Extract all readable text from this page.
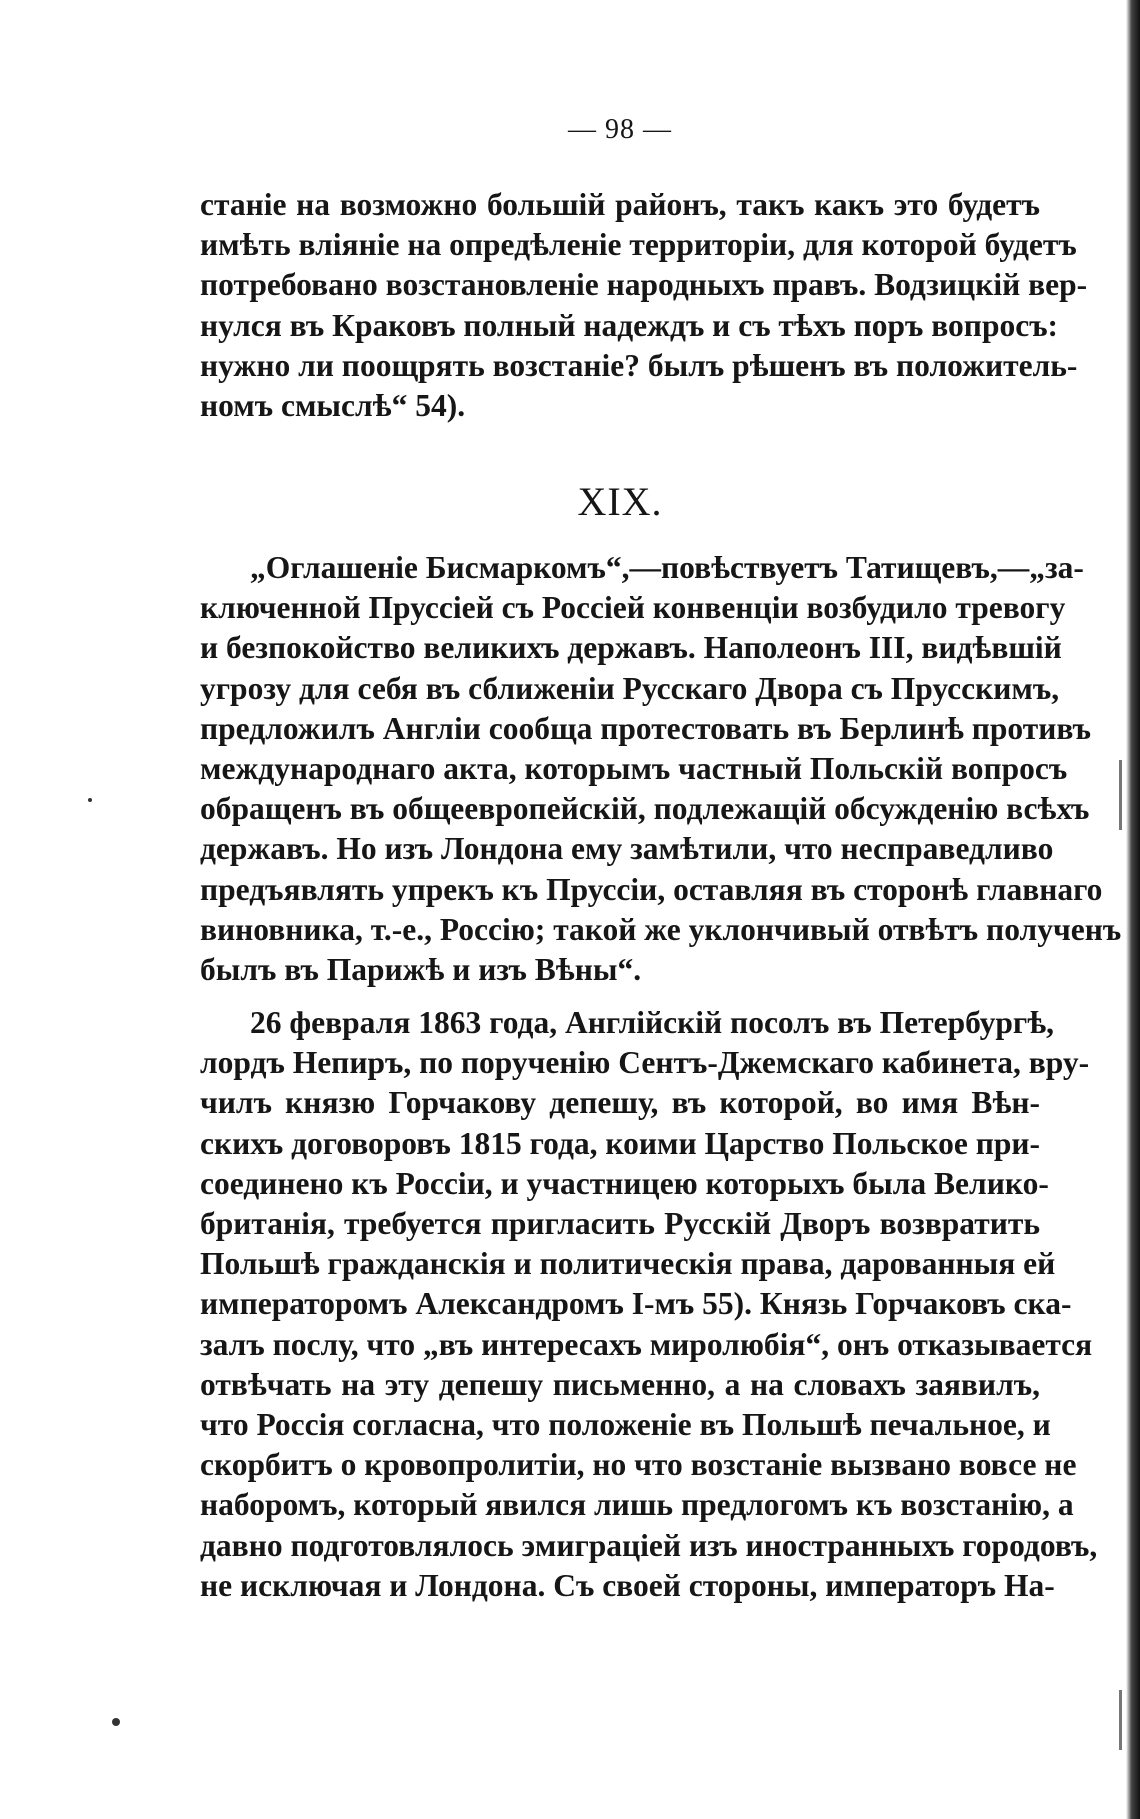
— 98 —
станіе на возможно большій районъ, такъ какъ это будетъ
имѣть вліяніе на опредѣленіе территоріи, для которой будетъ
потребовано возстановленіе народныхъ правъ. Водзицкій вер-
нулся въ Краковъ полный надеждъ и съ тѣхъ поръ вопросъ:
нужно ли поощрять возстаніе? былъ рѣшенъ въ положитель-
номъ смыслѣ“ 54).
XIX.
„Оглашеніе Бисмаркомъ“,—повѣствуетъ Татищевъ,—„за-
ключенной Пруссіей съ Россіей конвенціи возбудило тревогу
и безпокойство великихъ державъ. Наполеонъ III, видѣвшій
угрозу для себя въ сближеніи Русскаго Двора съ Прусскимъ,
предложилъ Англіи сообща протестовать въ Берлинѣ противъ
международнаго акта, которымъ частный Польскій вопросъ
обращенъ въ общеевропейскій, подлежащій обсужденію всѣхъ
державъ. Но изъ Лондона ему замѣтили, что несправедливо
предъявлять упрекъ къ Пруссіи, оставляя въ сторонѣ главнаго
виновника, т.-е., Россію; такой же уклончивый отвѣтъ полученъ
былъ въ Парижѣ и изъ Вѣны“.
26 февраля 1863 года, Англійскій посолъ въ Петербургѣ,
лордъ Непиръ, по порученію Сентъ-Джемскаго кабинета, вру-
чилъ князю Горчакову депешу, въ которой, во имя Вѣн-
скихъ договоровъ 1815 года, коими Царство Польское при-
соединено къ Россіи, и участницею которыхъ была Велико-
британія, требуется пригласить Русскій Дворъ возвратить
Польшѣ гражданскія и политическія права, дарованныя ей
императоромъ Александромъ I-мъ 55). Князь Горчаковъ ска-
залъ послу, что „въ интересахъ миролюбія“, онъ отказывается
отвѣчать на эту депешу письменно, а на словахъ заявилъ,
что Россія согласна, что положеніе въ Польшѣ печальное, и
скорбитъ о кровопролитіи, но что возстаніе вызвано вовсе не
наборомъ, который явился лишь предлогомъ къ возстанію, а
давно подготовлялось эмиграціей изъ иностранныхъ городовъ,
не исключая и Лондона. Съ своей стороны, императоръ На-
